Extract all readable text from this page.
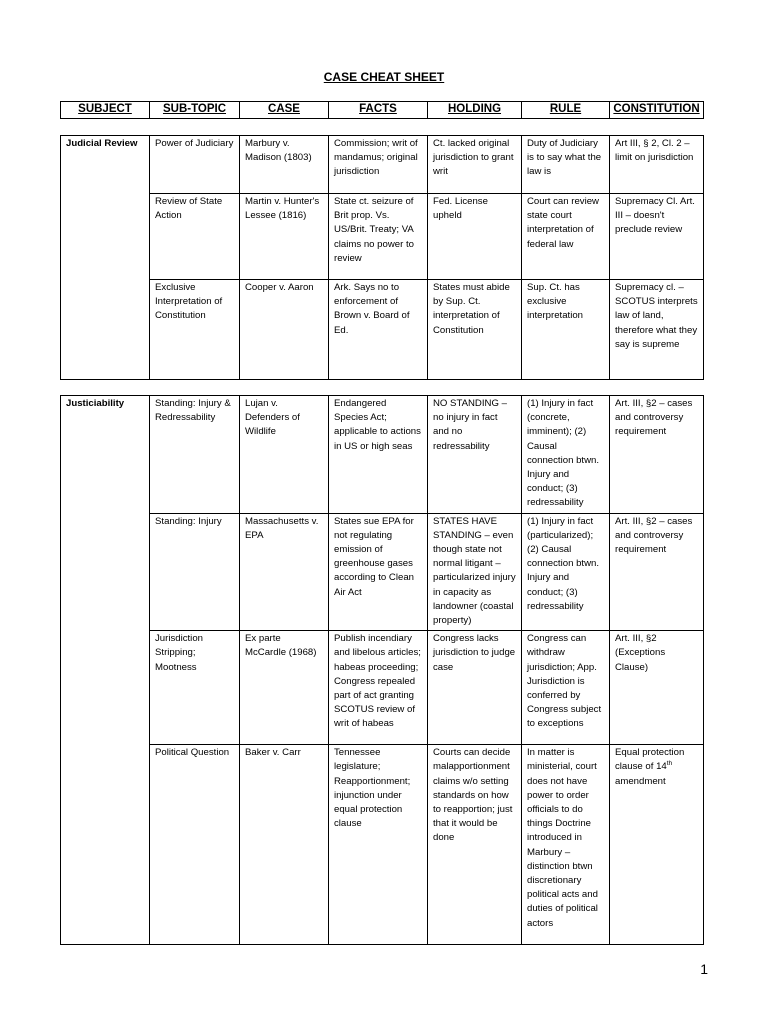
CASE CHEAT SHEET
SUBJECT	SUB-TOPIC	CASE	FACTS	HOLDING	RULE	CONSTITUTION
Judicial Review	Power of Judiciary	Marbury v. Madison (1803)	Commission; writ of mandamus; original jurisdiction	Ct. lacked original jurisdiction to grant writ	Duty of Judiciary is to say what the law is	Art III, § 2, Cl. 2 – limit on jurisdiction
	Review of State Action	Martin v. Hunter's Lessee (1816)	State ct. seizure of Brit prop. Vs. US/Brit. Treaty; VA claims no power to review	Fed. License upheld	Court can review state court interpretation of federal law	Supremacy Cl. Art. III – doesn't preclude review
	Exclusive Interpretation of Constitution	Cooper v. Aaron	Ark. Says no to enforcement of Brown v. Board of Ed.	States must abide by Sup. Ct. interpretation of Constitution	Sup. Ct. has exclusive interpretation	Supremacy cl. – SCOTUS interprets law of land, therefore what they say is supreme
Justiciability	Standing: Injury & Redressability	Lujan v. Defenders of Wildlife	Endangered Species Act; applicable to actions in US or high seas	NO STANDING – no injury in fact and no redressability	(1) Injury in fact (concrete, imminent); (2) Causal connection btwn. Injury and conduct; (3) redressability	Art. III, §2 – cases and controversy requirement
	Standing: Injury	Massachusetts v. EPA	States sue EPA for not regulating emission of greenhouse gases according to Clean Air Act	STATES HAVE STANDING – even though state not normal litigant – particularized injury in capacity as landowner (coastal property)	(1) Injury in fact (particularized); (2) Causal connection btwn. Injury and conduct; (3) redressability	Art. III, §2 – cases and controversy requirement
	Jurisdiction Stripping; Mootness	Ex parte McCardle (1968)	Publish incendiary and libelous articles; habeas proceeding; Congress repealed part of act granting SCOTUS review of writ of habeas	Congress lacks jurisdiction to judge case	Congress can withdraw jurisdiction; App. Jurisdiction is conferred by Congress subject to exceptions	Art. III, §2 (Exceptions Clause)
	Political Question	Baker v. Carr	Tennessee legislature; Reapportionment; injunction under equal protection clause	Courts can decide malapportionment claims w/o setting standards on how to reapportion; just that it would be done	In matter is ministerial, court does not have power to order officials to do things Doctrine introduced in Marbury – distinction btwn discretionary political acts and duties of political actors	Equal protection clause of 14th amendment
1
